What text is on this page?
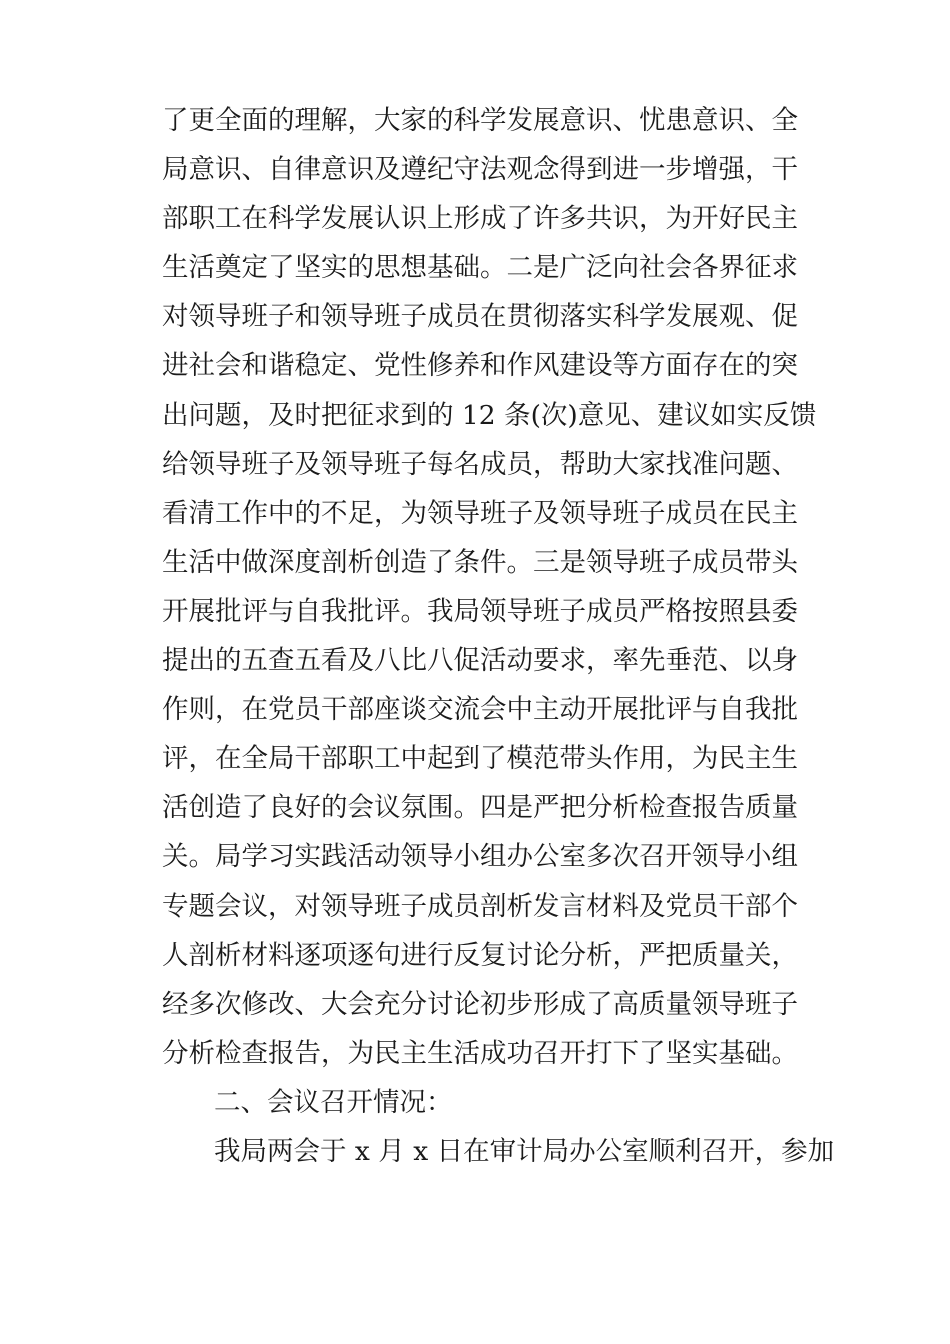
了更全面的理解，大家的科学发展意识、忧患意识、全
局意识、自律意识及遵纪守法观念得到进一步增强，干
部职工在科学发展认识上形成了许多共识，为开好民主
生活奠定了坚实的思想基础。二是广泛向社会各界征求
对领导班子和领导班子成员在贯彻落实科学发展观、促
进社会和谐稳定、党性修养和作风建设等方面存在的突
出问题，及时把征求到的 12 条(次)意见、建议如实反馈
给领导班子及领导班子每名成员，帮助大家找准问题、
看清工作中的不足，为领导班子及领导班子成员在民主
生活中做深度剖析创造了条件。三是领导班子成员带头
开展批评与自我批评。我局领导班子成员严格按照县委
提出的五查五看及八比八促活动要求，率先垂范、以身
作则，在党员干部座谈交流会中主动开展批评与自我批
评，在全局干部职工中起到了模范带头作用，为民主生
活创造了良好的会议氛围。四是严把分析检查报告质量
关。局学习实践活动领导小组办公室多次召开领导小组
专题会议，对领导班子成员剖析发言材料及党员干部个
人剖析材料逐项逐句进行反复讨论分析，严把质量关，
经多次修改、大会充分讨论初步形成了高质量领导班子
分析检查报告，为民主生活成功召开打下了坚实基础。
二、会议召开情况：
我局两会于 x 月 x 日在审计局办公室顺利召开，参加
